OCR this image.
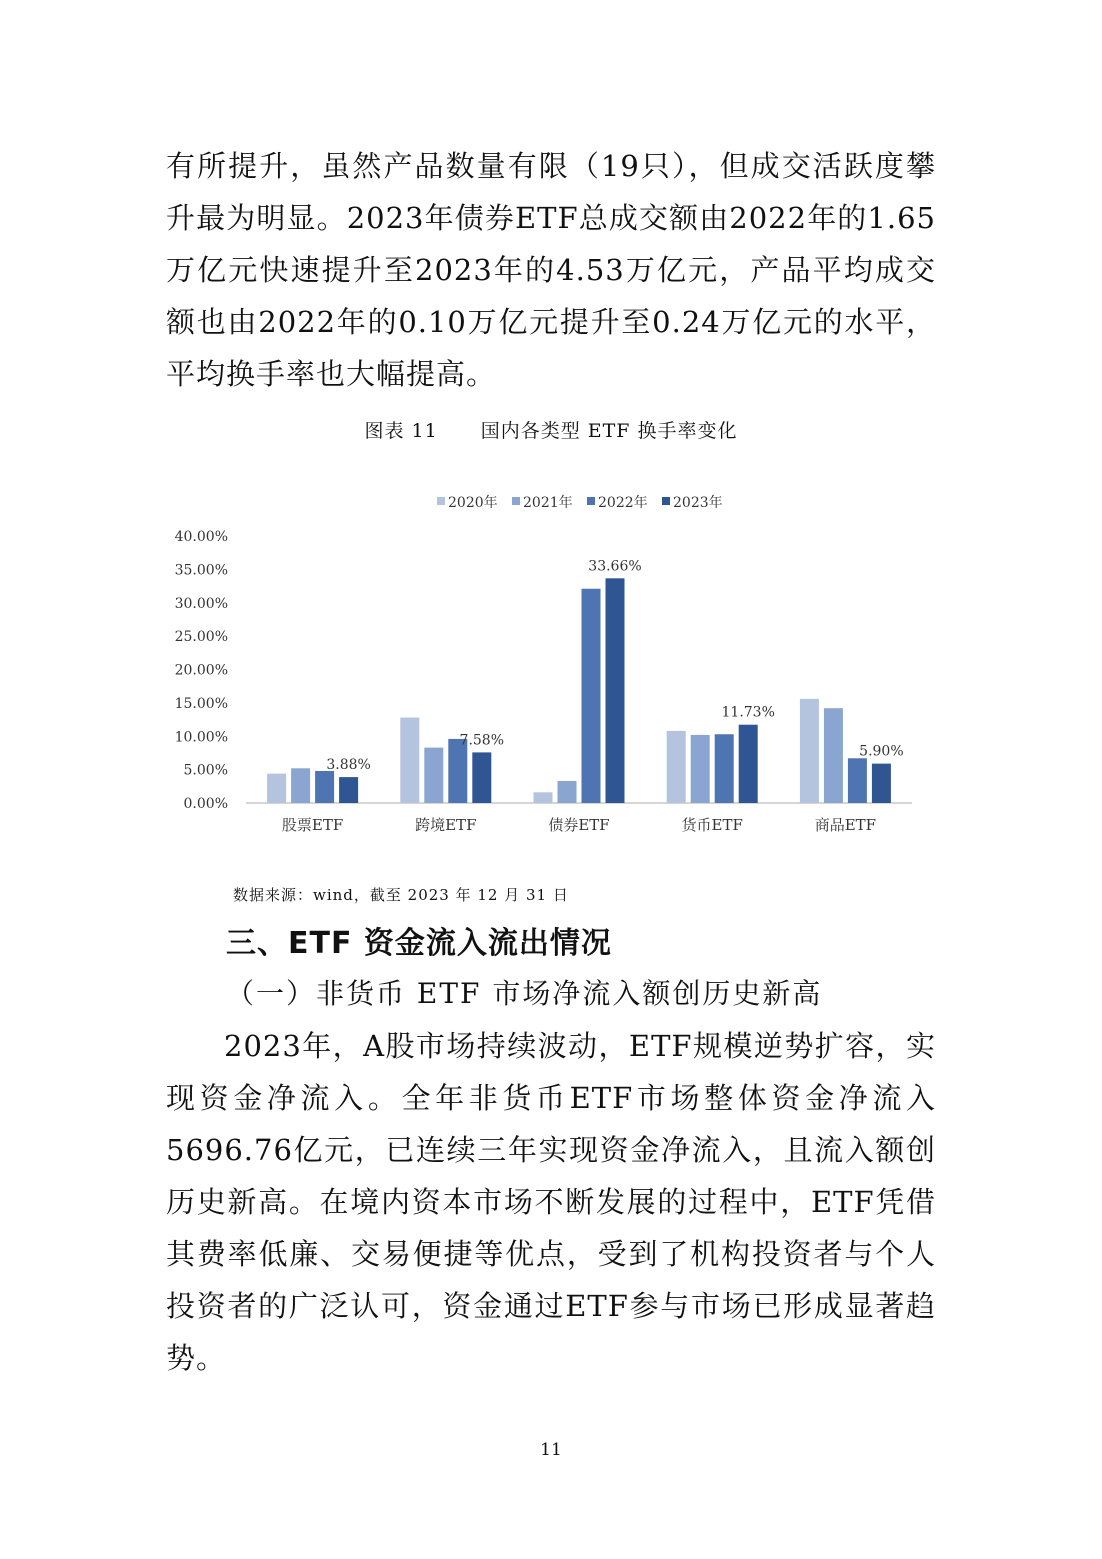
有所提升，虽然产品数量有限（19只），但成交活跃度攀升最为明显。2023年债券ETF总成交额由2022年的1.65万亿元快速提升至2023年的4.53万亿元，产品平均成交额也由2022年的0.10万亿元提升至0.24万亿元的水平，平均换手率也大幅提高。

图表 11 国内各类型 ETF 换手率变化
0.00%
5.00%
10.00%
15.00%
20.00%
25.00%
30.00%
35.00%
40.00%
3.88%
股票ETF
7.58%
跨境ETF
33.66%
债券ETF
11.73%
货币ETF
5.90%
商品ETF
2020年 2021年 2022年 2023年
数据来源：wind，截至 2023 年 12 月 31 日
三、ETF 资金流入流出情况
（一）非货币 ETF 市场净流入额创历史新高

2023年，A股市场持续波动，ETF规模逆势扩容，实现资金净流入。全年非货币ETF市场整体资金净流入5696.76亿元，已连续三年实现资金净流入，且流入额创历史新高。在境内资本市场不断发展的过程中，ETF凭借其费率低廉、交易便捷等优点，受到了机构投资者与个人投资者的广泛认可，资金通过ETF参与市场已形成显著趋势。

11
